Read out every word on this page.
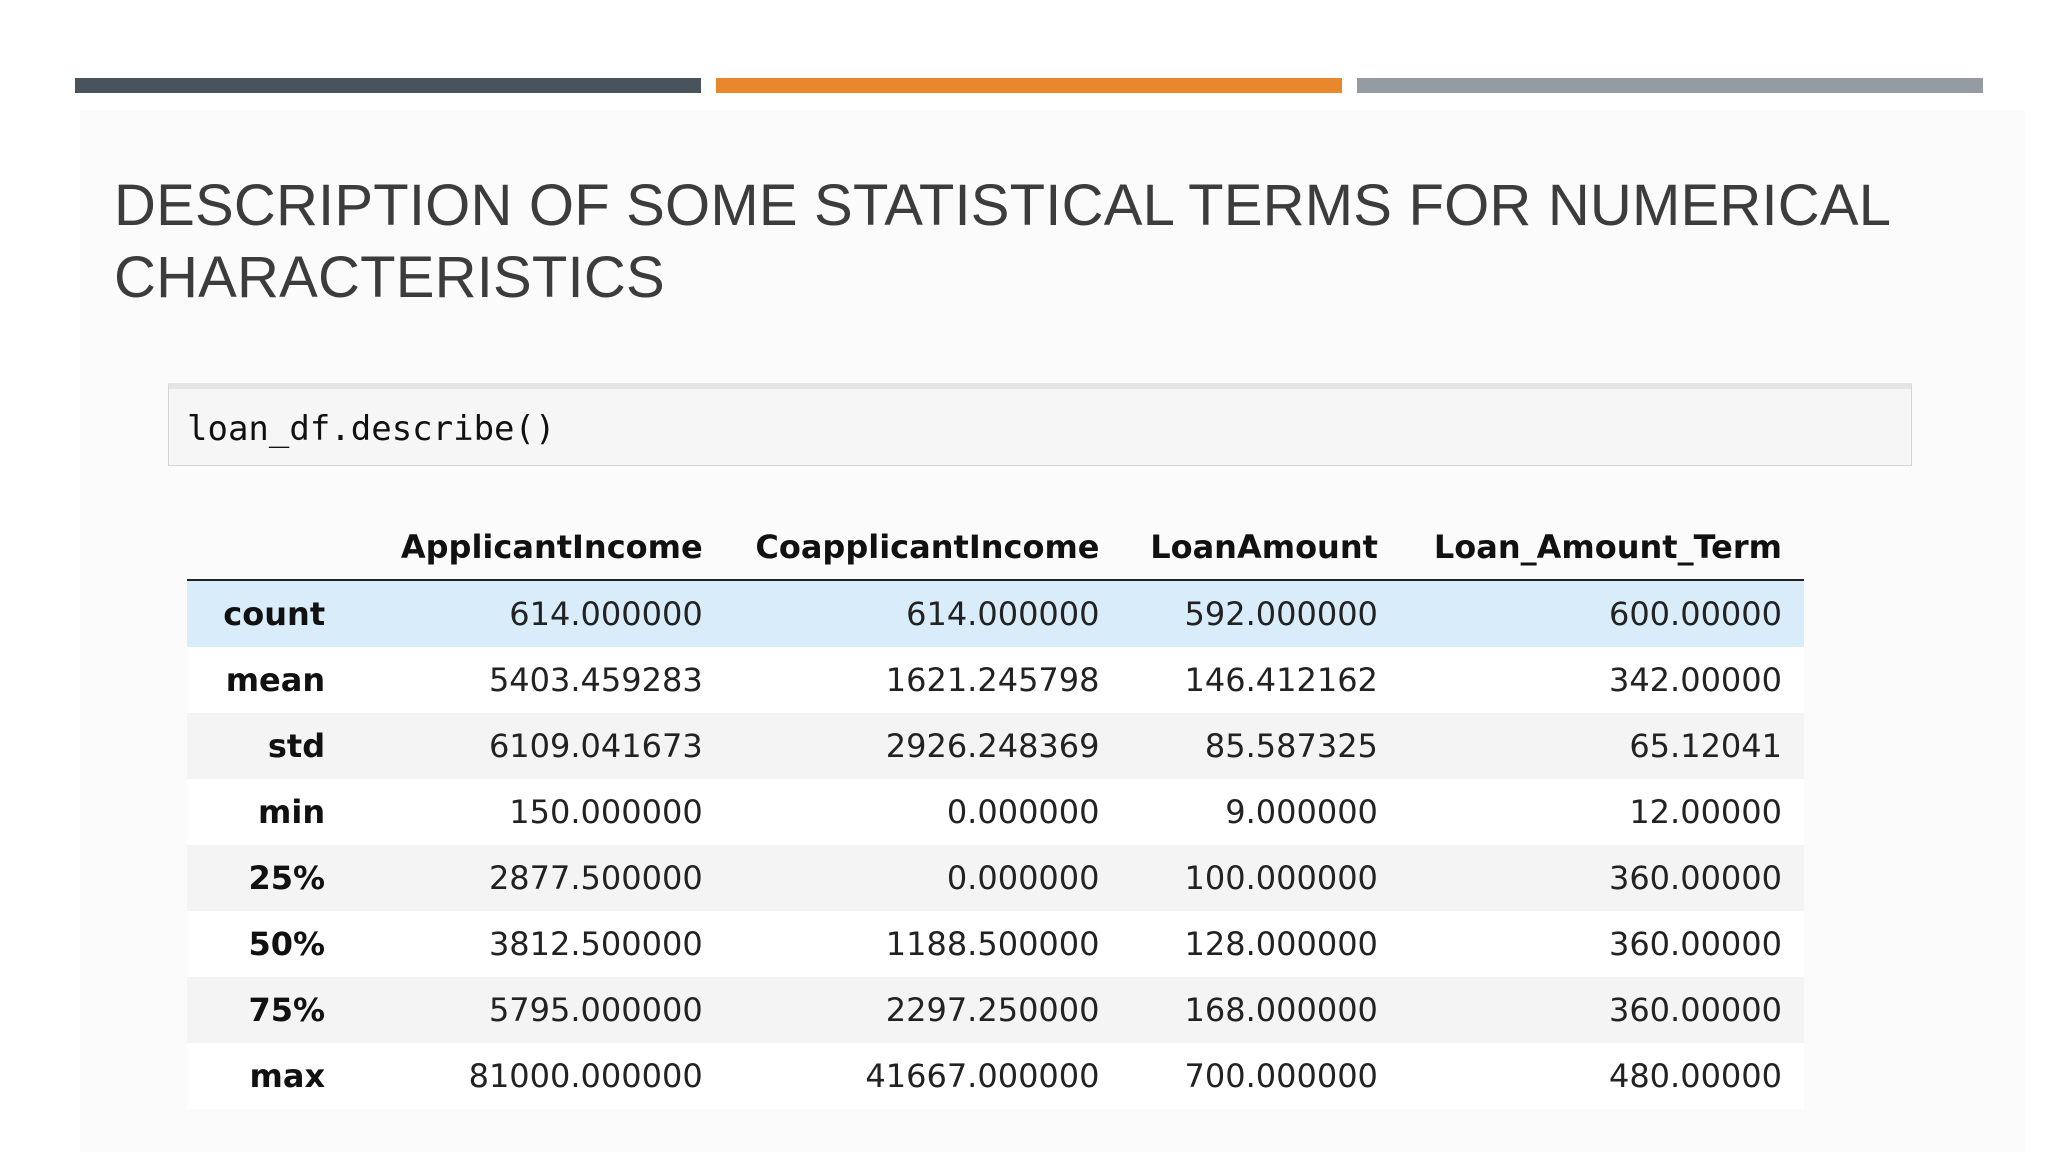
DESCRIPTION OF SOME STATISTICAL TERMS FOR NUMERICAL
CHARACTERISTICS
loan_df.describe()
	ApplicantIncome	CoapplicantIncome	LoanAmount	Loan_Amount_Term
count	614.000000	614.000000	592.000000	600.00000
mean	5403.459283	1621.245798	146.412162	342.00000
std	6109.041673	2926.248369	85.587325	65.12041
min	150.000000	0.000000	9.000000	12.00000
25%	2877.500000	0.000000	100.000000	360.00000
50%	3812.500000	1188.500000	128.000000	360.00000
75%	5795.000000	2297.250000	168.000000	360.00000
max	81000.000000	41667.000000	700.000000	480.00000
